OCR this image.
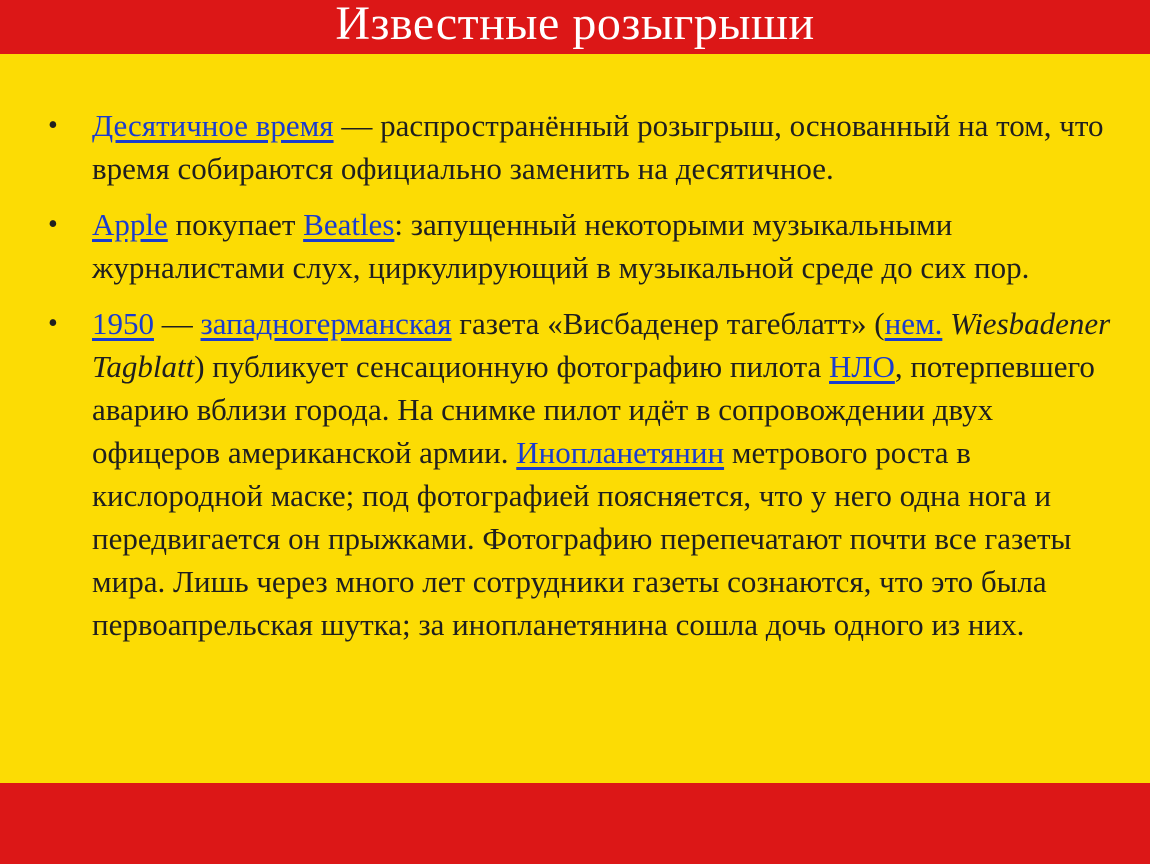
Известные розыгрыши
• Десятичное время — распространённый розыгрыш, основанный на том, что время собираются официально заменить на десятичное.
• Apple покупает Beatles: запущенный некоторыми музыкальными журналистами слух, циркулирующий в музыкальной среде до сих пор.
• 1950 — западногерманская газета «Висбаденер тагеблатт» (нем. Wiesbadener Tagblatt) публикует сенсационную фотографию пилота НЛО, потерпевшего аварию вблизи города. На снимке пилот идёт в сопровождении двух офицеров американской армии. Инопланетянин метрового роста в кислородной маске; под фотографией поясняется, что у него одна нога и передвигается он прыжками. Фотографию перепечатают почти все газеты мира. Лишь через много лет сотрудники газеты сознаются, что это была первоапрельская шутка; за инопланетянина сошла дочь одного из них.
